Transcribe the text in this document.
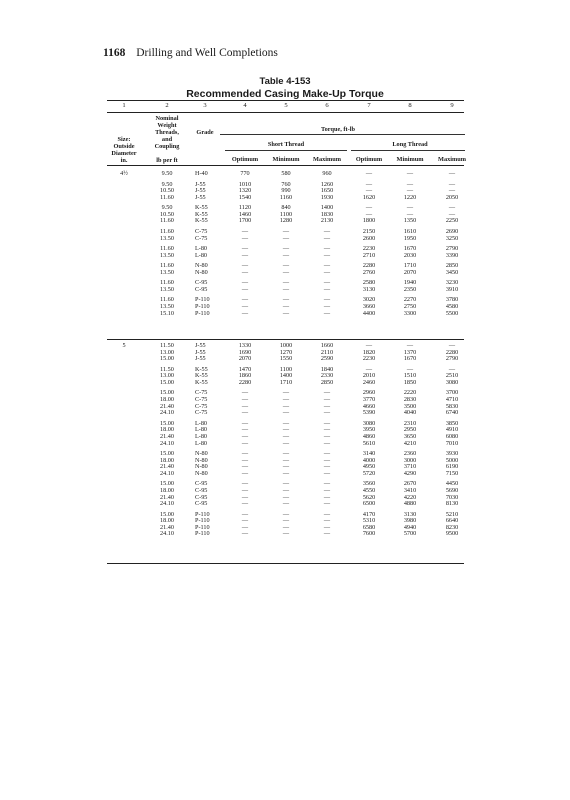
1168 Drilling and Well Completions
Table 4-153
Recommended Casing Make-Up Torque
1	2	3	4	5	6	7	8	9
Size:
Outside
Diameter
in.
Nominal
Weight
Threads,
and
Coupling
lb per ft
Grade	Torque, ft-lb
Short Thread	Long Thread
Optimum Minimum Maximum Optimum Minimum Maximum
4½	9.50	H-40	770	580	960	—	—	—
9.50	J-55	1010	760	1260	—	—	—
10.50	J-55	1320	990	1650	—	—	—
11.60	J-55	1540	1160	1930	1620	1220	2050
9.50	K-55	1120	840	1400	—	—	—
10.50	K-55	1460	1100	1830	—	—	—
11.60	K-55	1700	1280	2130	1800	1350	2250
11.60	C-75	—	—	—	2150	1610	2690
13.50	C-75	—	—	—	2600	1950	3250
11.60	L-80	—	—	—	2230	1670	2790
13.50	L-80	—	—	—	2710	2030	3390
11.60	N-80	—	—	—	2280	1710	2850
13.50	N-80	—	—	—	2760	2070	3450
11.60	C-95	—	—	—	2580	1940	3230
13.50	C-95	—	—	—	3130	2350	3910
11.60	P-110	—	—	—	3020	2270	3780
13.50	P-110	—	—	—	3660	2750	4580
15.10	P-110	—	—	—	4400	3300	5500
5	11.50	J-55	1330	1000	1660	—	—	—
13.00	J-55	1690	1270	2110	1820	1370	2280
15.00	J-55	2070	1550	2590	2230	1670	2790
11.50	K-55	1470	1100	1840	—	—	—
13.00	K-55	1860	1400	2330	2010	1510	2510
15.00	K-55	2280	1710	2850	2460	1850	3080
15.00	C-75	—	—	—	2960	2220	3700
18.00	C-75	—	—	—	3770	2830	4710
21.40	C-75	—	—	—	4660	3500	5830
24.10	C-75	—	—	—	5390	4040	6740
15.00	L-80	—	—	—	3080	2310	3850
18.00	L-80	—	—	—	3950	2950	4910
21.40	L-80	—	—	—	4860	3650	6080
24.10	L-80	—	—	—	5610	4210	7010
15.00	N-80	—	—	—	3140	2360	3930
18.00	N-80	—	—	—	4000	3000	5000
21.40	N-80	—	—	—	4950	3710	6190
24.10	N-80	—	—	—	5720	4290	7150
15.00	C-95	—	—	—	3560	2670	4450
18.00	C-95	—	—	—	4550	3410	5690
21.40	C-95	—	—	—	5620	4220	7030
24.10	C-95	—	—	—	6500	4880	8130
15.00	P-110	—	—	—	4170	3130	5210
18.00	P-110	—	—	—	5310	3980	6640
21.40	P-110	—	—	—	6580	4940	8230
24.10	P-110	—	—	—	7600	5700	9500
